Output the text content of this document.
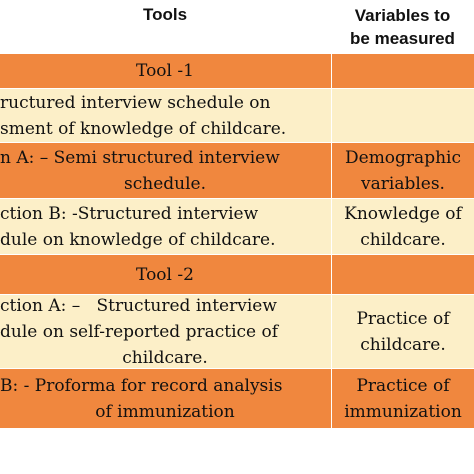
Tools	Variables to
be measured
Tool -1
ructured interview schedule on
sment of knowledge of childcare.
n A: – Semi structured interview
schedule.
Demographic
variables.
ction B: -Structured interview
dule on knowledge of childcare.
Knowledge of
childcare.
Tool -2
ction A: –   Structured interview
dule on self-reported practice of
childcare.
Practice of
childcare.
B: - Proforma for record analysis
of immunization
Practice of
immunization
